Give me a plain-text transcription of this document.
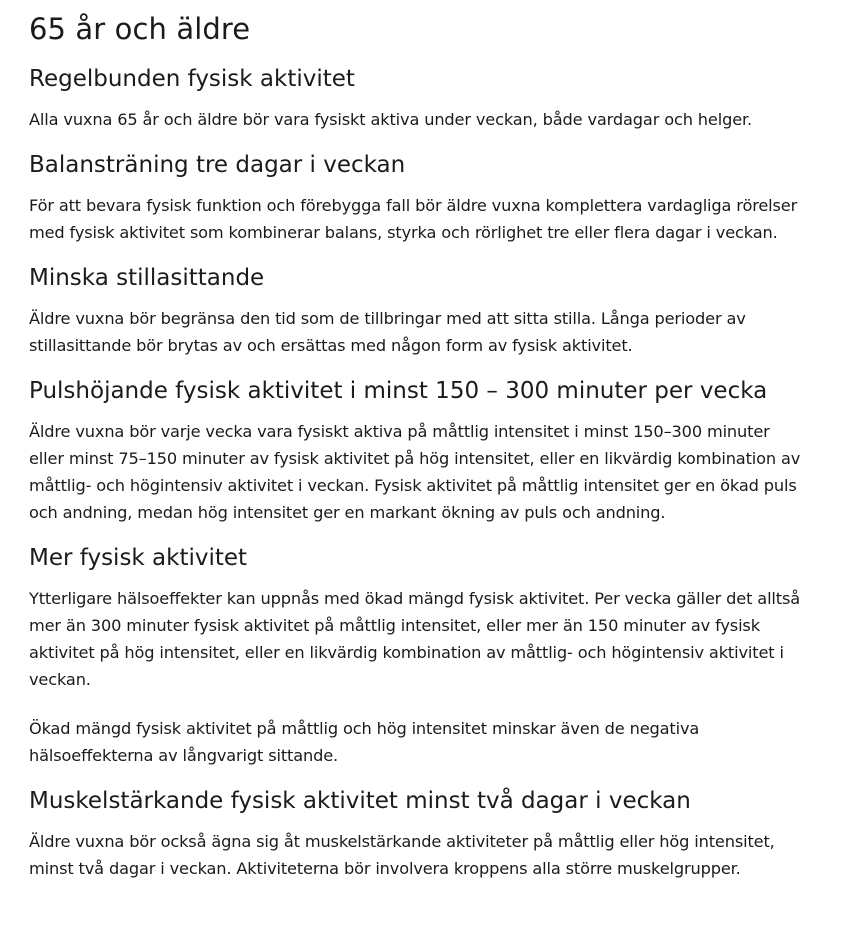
65 år och äldre
Regelbunden fysisk aktivitet

Alla vuxna 65 år och äldre bör vara fysiskt aktiva under veckan, både vardagar och helger.

Balansträning tre dagar i veckan

För att bevara fysisk funktion och förebygga fall bör äldre vuxna komplettera vardagliga rörelser med fysisk aktivitet som kombinerar balans, styrka och rörlighet tre eller flera dagar i veckan.

Minska stillasittande

Äldre vuxna bör begränsa den tid som de tillbringar med att sitta stilla. Långa perioder av stillasittande bör brytas av och ersättas med någon form av fysisk aktivitet.

Pulshöjande fysisk aktivitet i minst 150 – 300 minuter per vecka

Äldre vuxna bör varje vecka vara fysiskt aktiva på måttlig intensitet i minst 150–300 minuter eller minst 75–150 minuter av fysisk aktivitet på hög intensitet, eller en likvärdig kombination av måttlig- och högintensiv aktivitet i veckan. Fysisk aktivitet på måttlig intensitet ger en ökad puls och andning, medan hög intensitet ger en markant ökning av puls och andning.

Mer fysisk aktivitet

Ytterligare hälsoeffekter kan uppnås med ökad mängd fysisk aktivitet. Per vecka gäller det alltså mer än 300 minuter fysisk aktivitet på måttlig intensitet, eller mer än 150 minuter av fysisk aktivitet på hög intensitet, eller en likvärdig kombination av måttlig- och högintensiv aktivitet i veckan.

Ökad mängd fysisk aktivitet på måttlig och hög intensitet minskar även de negativa hälsoeffekterna av långvarigt sittande.

Muskelstärkande fysisk aktivitet minst två dagar i veckan

Äldre vuxna bör också ägna sig åt muskelstärkande aktiviteter på måttlig eller hög intensitet, minst två dagar i veckan. Aktiviteterna bör involvera kroppens alla större muskelgrupper.
